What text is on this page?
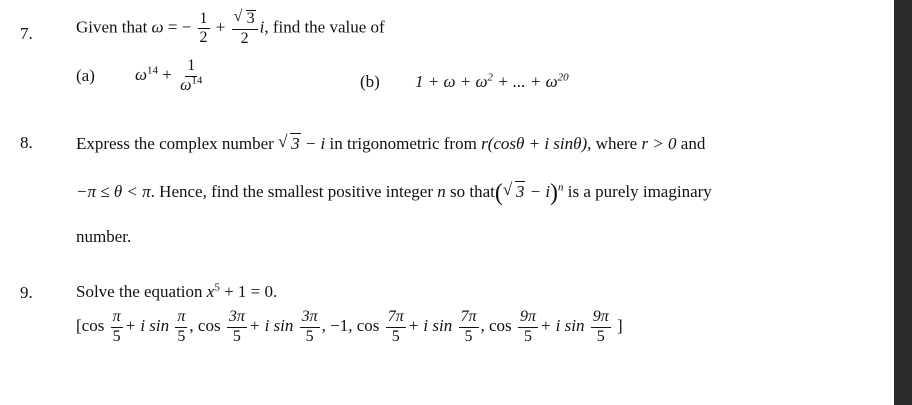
7.	Given that ω = − $\frac{1}{2}$ + √ $\frac{3}{2} i$, find the value of
(a) $\omega^{14} + \frac{1}{\omega^{14}}$	(b) $1 + \omega + \omega^2$ + ... + $\omega^{20}$
8.	Express the complex number √ 3 − i in trigonometric from r(cosθ + i sinθ), where r > 0 and
−π ≤ θ < π. Hence, find the smallest positive integer n so that( √ 3 − i)$^n$ is a purely imaginary
number.
9.	Solve the equation $x^5 + 1 = 0$.
[$\cos \frac{\pi}{5} + i$ $\sin \frac{\pi}{5}$ , $\cos \frac{3\pi}{5} + i$ $\sin \frac{3\pi}{5}$ , −1, $\cos \frac{7\pi}{5} + i$ $\sin \frac{7\pi}{5}$ , $\cos \frac{9\pi}{5} + i$ $\sin \frac{9\pi}{5}$ ]
